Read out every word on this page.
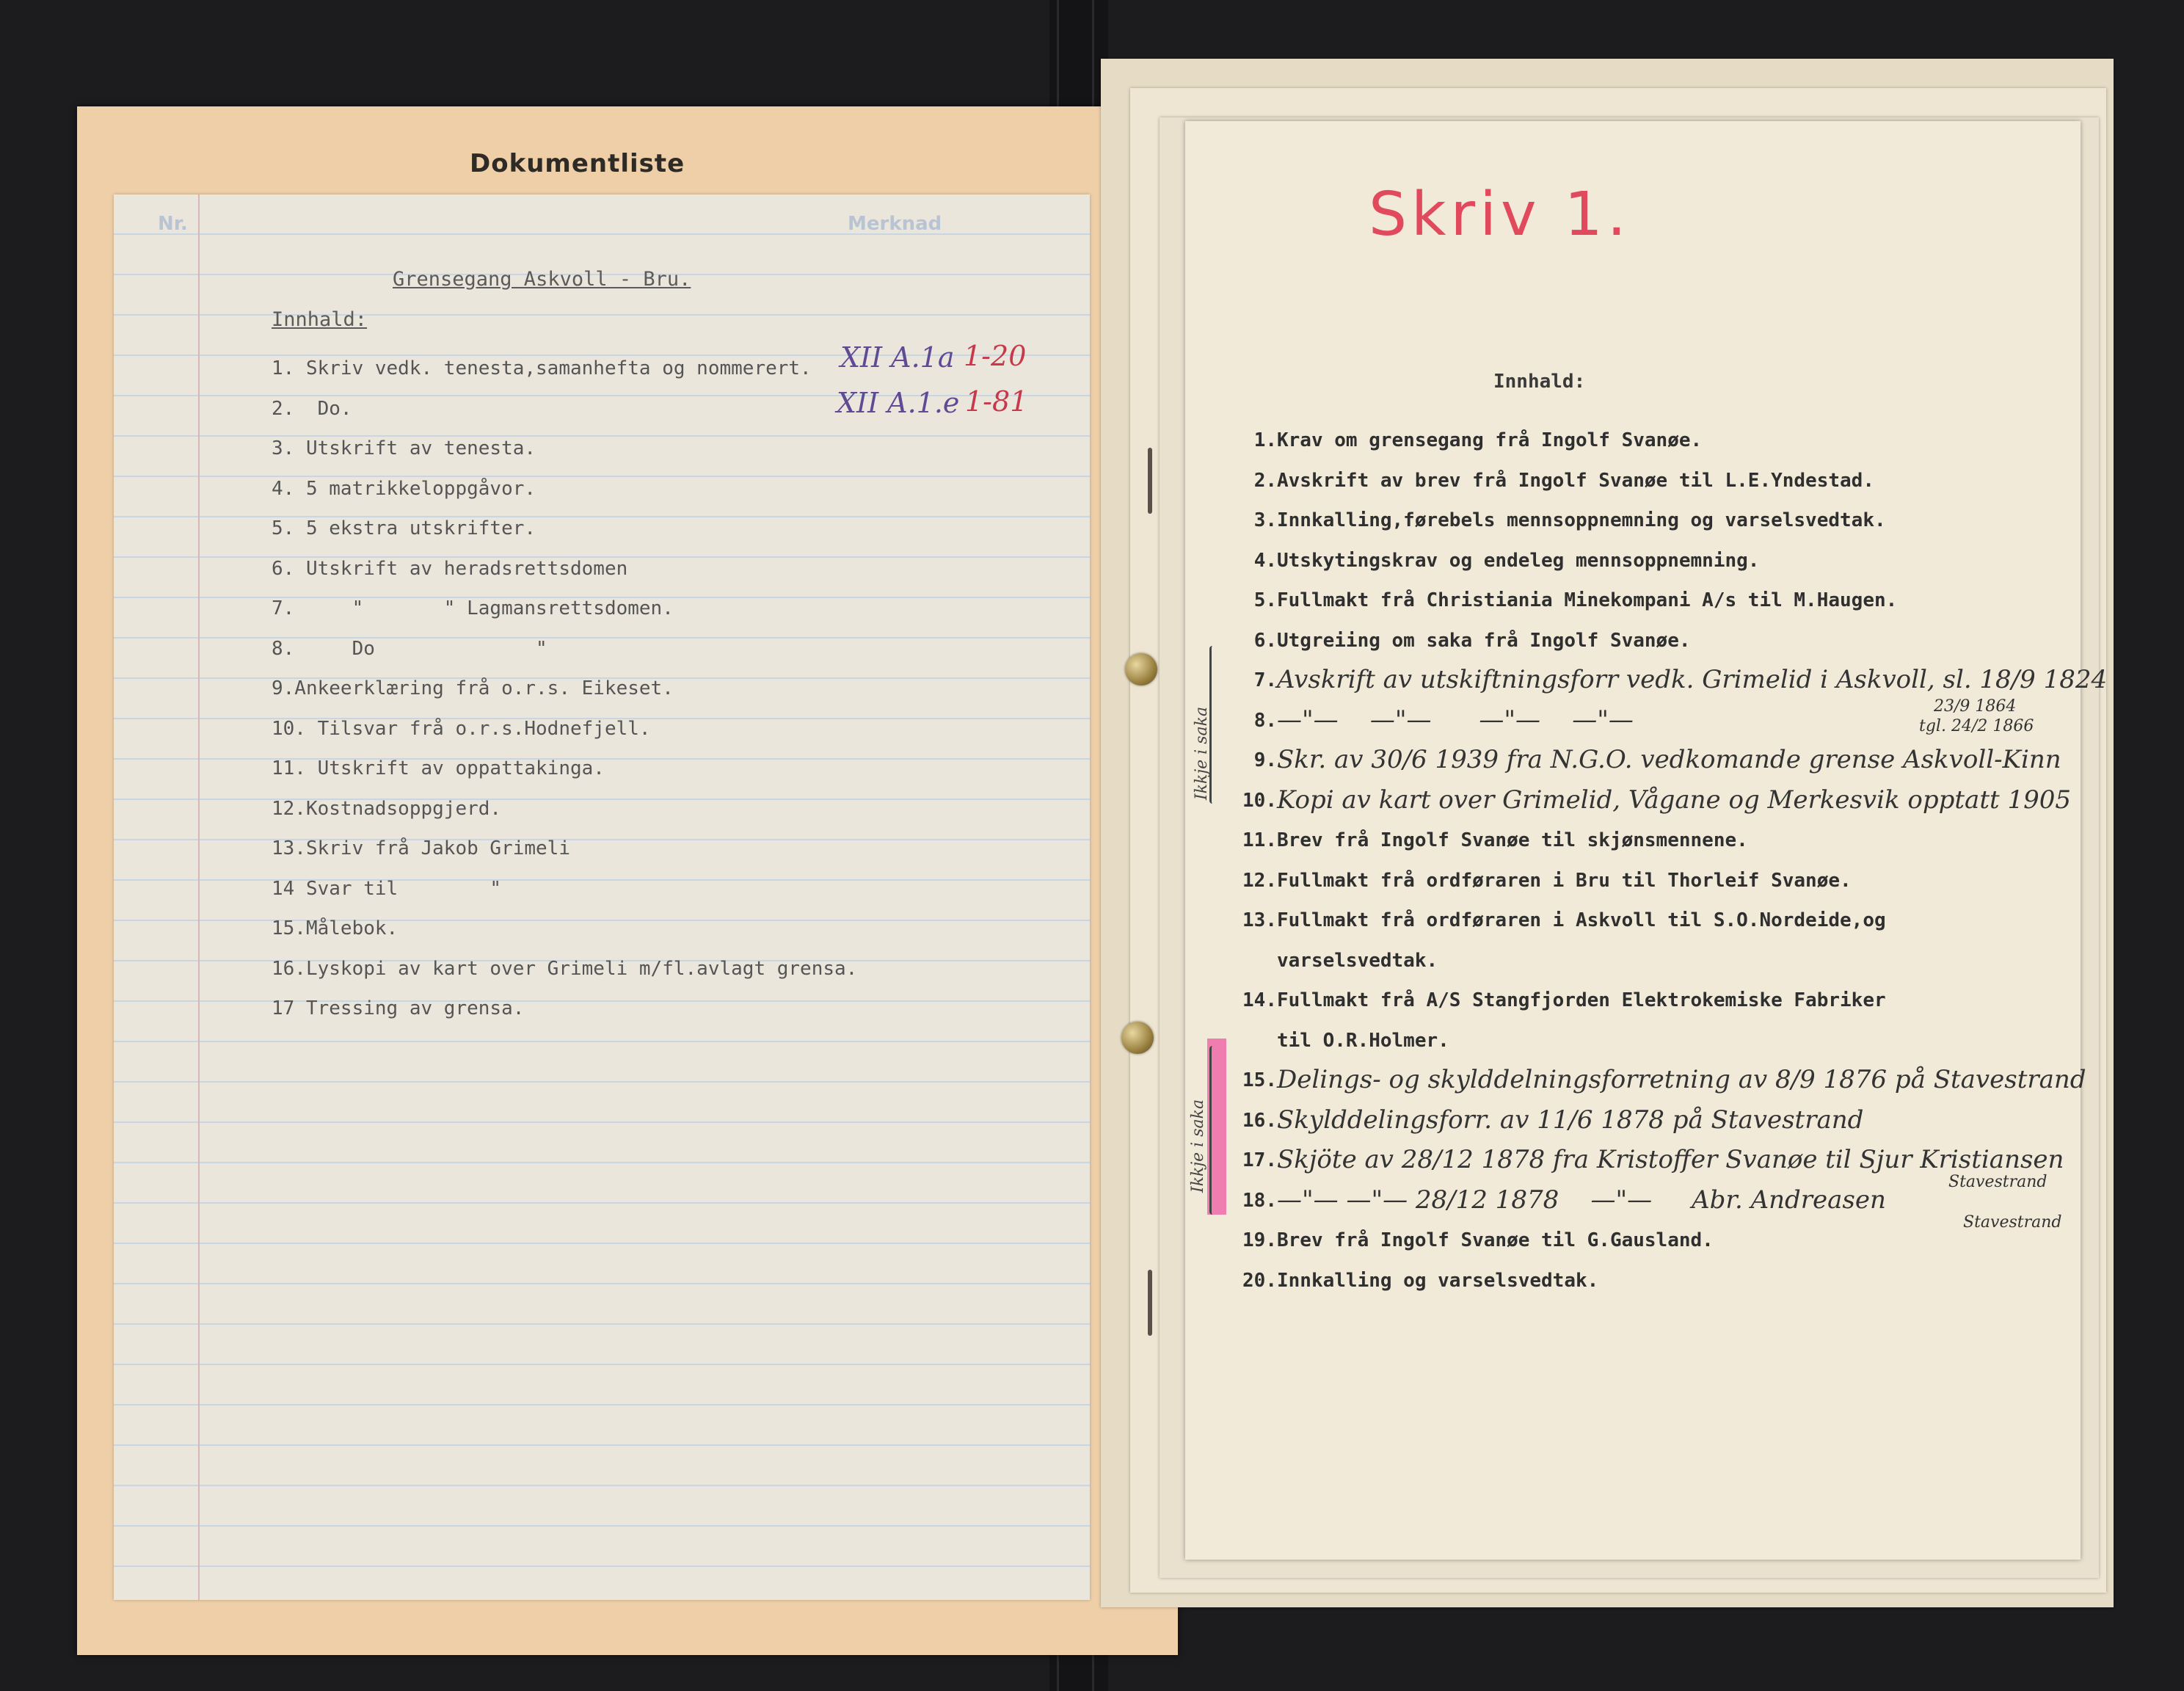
Dokumentliste
Nr.	Merknad
Grensegang Askvoll - Bru.
Innhald:
1. Skriv vedk. tenesta,samanhefta og nommerert.
2.  Do.
3. Utskrift av tenesta.
4. 5 matrikkeloppgåvor.
5. 5 ekstra utskrifter.
6. Utskrift av heradsrettsdomen
7.     "       " Lagmansrettsdomen.
8.     Do              "
9.Ankeerklæring frå o.r.s. Eikeset.
10. Tilsvar frå o.r.s.Hodnefjell.
11. Utskrift av oppattakinga.
12.Kostnadsoppgjerd.
13.Skriv frå Jakob Grimeli
14 Svar til        "
15.Målebok.
16.Lyskopi av kart over Grimeli m/fl.avlagt grensa.
17 Tressing av grensa.
XII A.1a 1-20
XII A.1.e 1-81
Skriv 1.
Innhald:
1. Krav om grensegang frå Ingolf Svanøe.
2. Avskrift av brev frå Ingolf Svanøe til L.E.Yndestad.
3. Innkalling,førebels mennsoppnemning og varselsvedtak.
4. Utskytingskrav og endeleg mennsoppnemning.
5. Fullmakt frå Christiania Minekompani A/s til M.Haugen.
6. Utgreiing om saka frå Ingolf Svanøe.
7. Avskrift av utskiftningsforr vedk. Grimelid i Askvoll, sl. 18/9 1824
8. —"—    —"—      —"—    —"—
9. Skr. av 30/6 1939 fra N.G.O. vedkomande grense Askvoll-Kinn
10. Kopi av kart over Grimelid, Vågane og Merkesvik opptatt 1905
11. Brev frå Ingolf Svanøe til skjønsmennene.
12. Fullmakt frå ordføraren i Bru til Thorleif Svanøe.
13. Fullmakt frå ordføraren i Askvoll til S.O.Nordeide,og
varselsvedtak.
14. Fullmakt frå A/S Stangfjorden Elektrokemiske Fabriker
til O.R.Holmer.
15. Delings- og skylddelningsforretning av 8/9 1876 på Stavestrand
16. Skylddelingsforr. av 11/6 1878 på Stavestrand
17. Skjöte av 28/12 1878 fra Kristoffer Svanøe til Sjur Kristiansen
18. —"— —"— 28/12 1878    —"—     Abr. Andreasen
19. Brev frå Ingolf Svanøe til G.Gausland.
20. Innkalling og varselsvedtak.
23/9 1864
tgl. 24/2 1866
Stavestrand
Stavestrand
Ikkje i saka
Ikkje i saka
